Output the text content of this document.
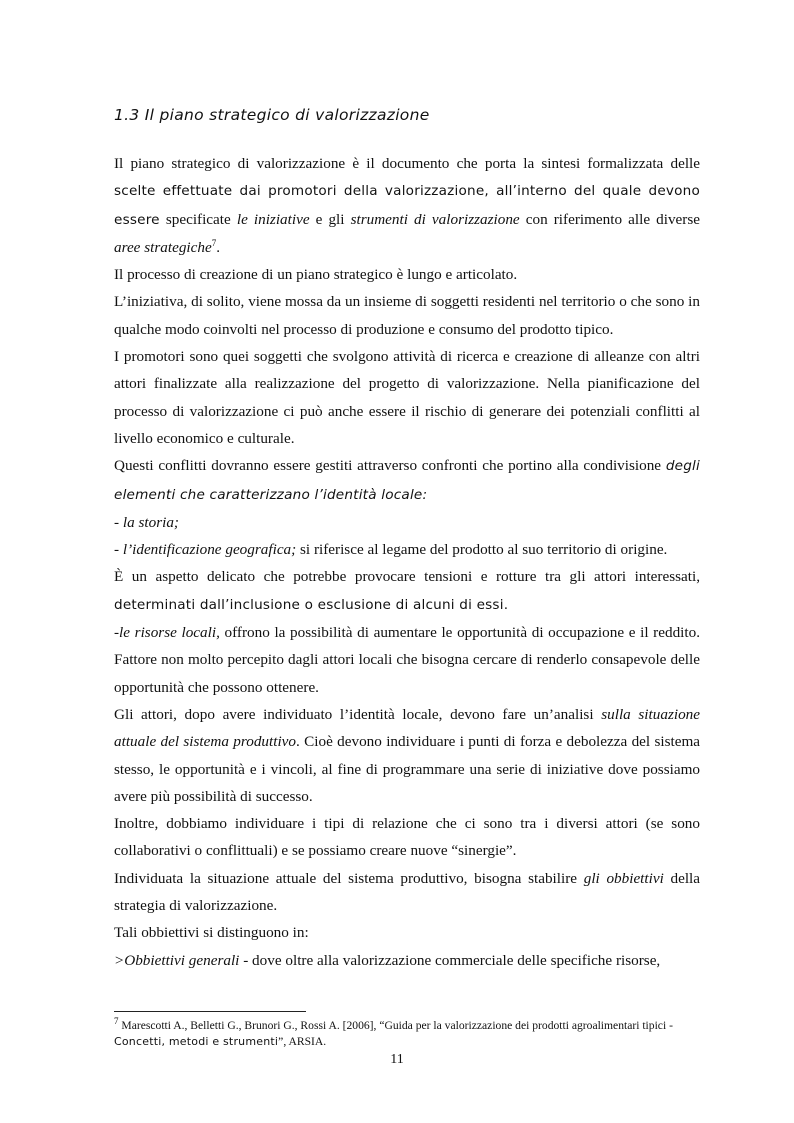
1.3 Il piano strategico di valorizzazione

Il piano strategico di valorizzazione è il documento che porta la sintesi formalizzata delle scelte effettuate dai promotori della valorizzazione, all’interno del quale devono essere specificate le iniziative e gli strumenti di valorizzazione con riferimento alle diverse aree strategiche$^7$.

Il processo di creazione di un piano strategico è lungo e articolato.

L’iniziativa, di solito, viene mossa da un insieme di soggetti residenti nel territorio o che sono in qualche modo coinvolti nel processo di produzione e consumo del prodotto tipico.

I promotori sono quei soggetti che svolgono attività di ricerca e creazione di alleanze con altri attori finalizzate alla realizzazione del progetto di valorizzazione. Nella pianificazione del processo di valorizzazione ci può anche essere il rischio di generare dei potenziali conflitti al livello economico e culturale.

Questi conflitti dovranno essere gestiti attraverso confronti che portino alla condivisione degli elementi che caratterizzano l’identità locale:

- la storia;

- l’identificazione geografica; si riferisce al legame del prodotto al suo territorio di origine.

È un aspetto delicato che potrebbe provocare tensioni e rotture tra gli attori interessati, determinati dall’inclusione o esclusione di alcuni di essi.

-le risorse locali, offrono la possibilità di aumentare le opportunità di occupazione e il reddito. Fattore non molto percepito dagli attori locali che bisogna cercare di renderlo consapevole delle opportunità che possono ottenere.

Gli attori, dopo avere individuato l’identità locale, devono fare un’analisi sulla situazione attuale del sistema produttivo. Cioè devono individuare i punti di forza e debolezza del sistema stesso, le opportunità e i vincoli, al fine di programmare una serie di iniziative dove possiamo avere più possibilità di successo.

Inoltre, dobbiamo individuare i tipi di relazione che ci sono tra i diversi attori (se sono collaborativi o conflittuali) e se possiamo creare nuove “sinergie”.

Individuata la situazione attuale del sistema produttivo, bisogna stabilire gli obbiettivi della strategia di valorizzazione.

Tali obbiettivi si distinguono in:

>Obbiettivi generali - dove oltre alla valorizzazione commerciale delle specifiche risorse,

$^7$ Marescotti A., Belletti G., Brunori G., Rossi A. [2006], “Guida per la valorizzazione dei prodotti agroalimentari tipici - Concetti, metodi e strumenti”, ARSIA.
11
